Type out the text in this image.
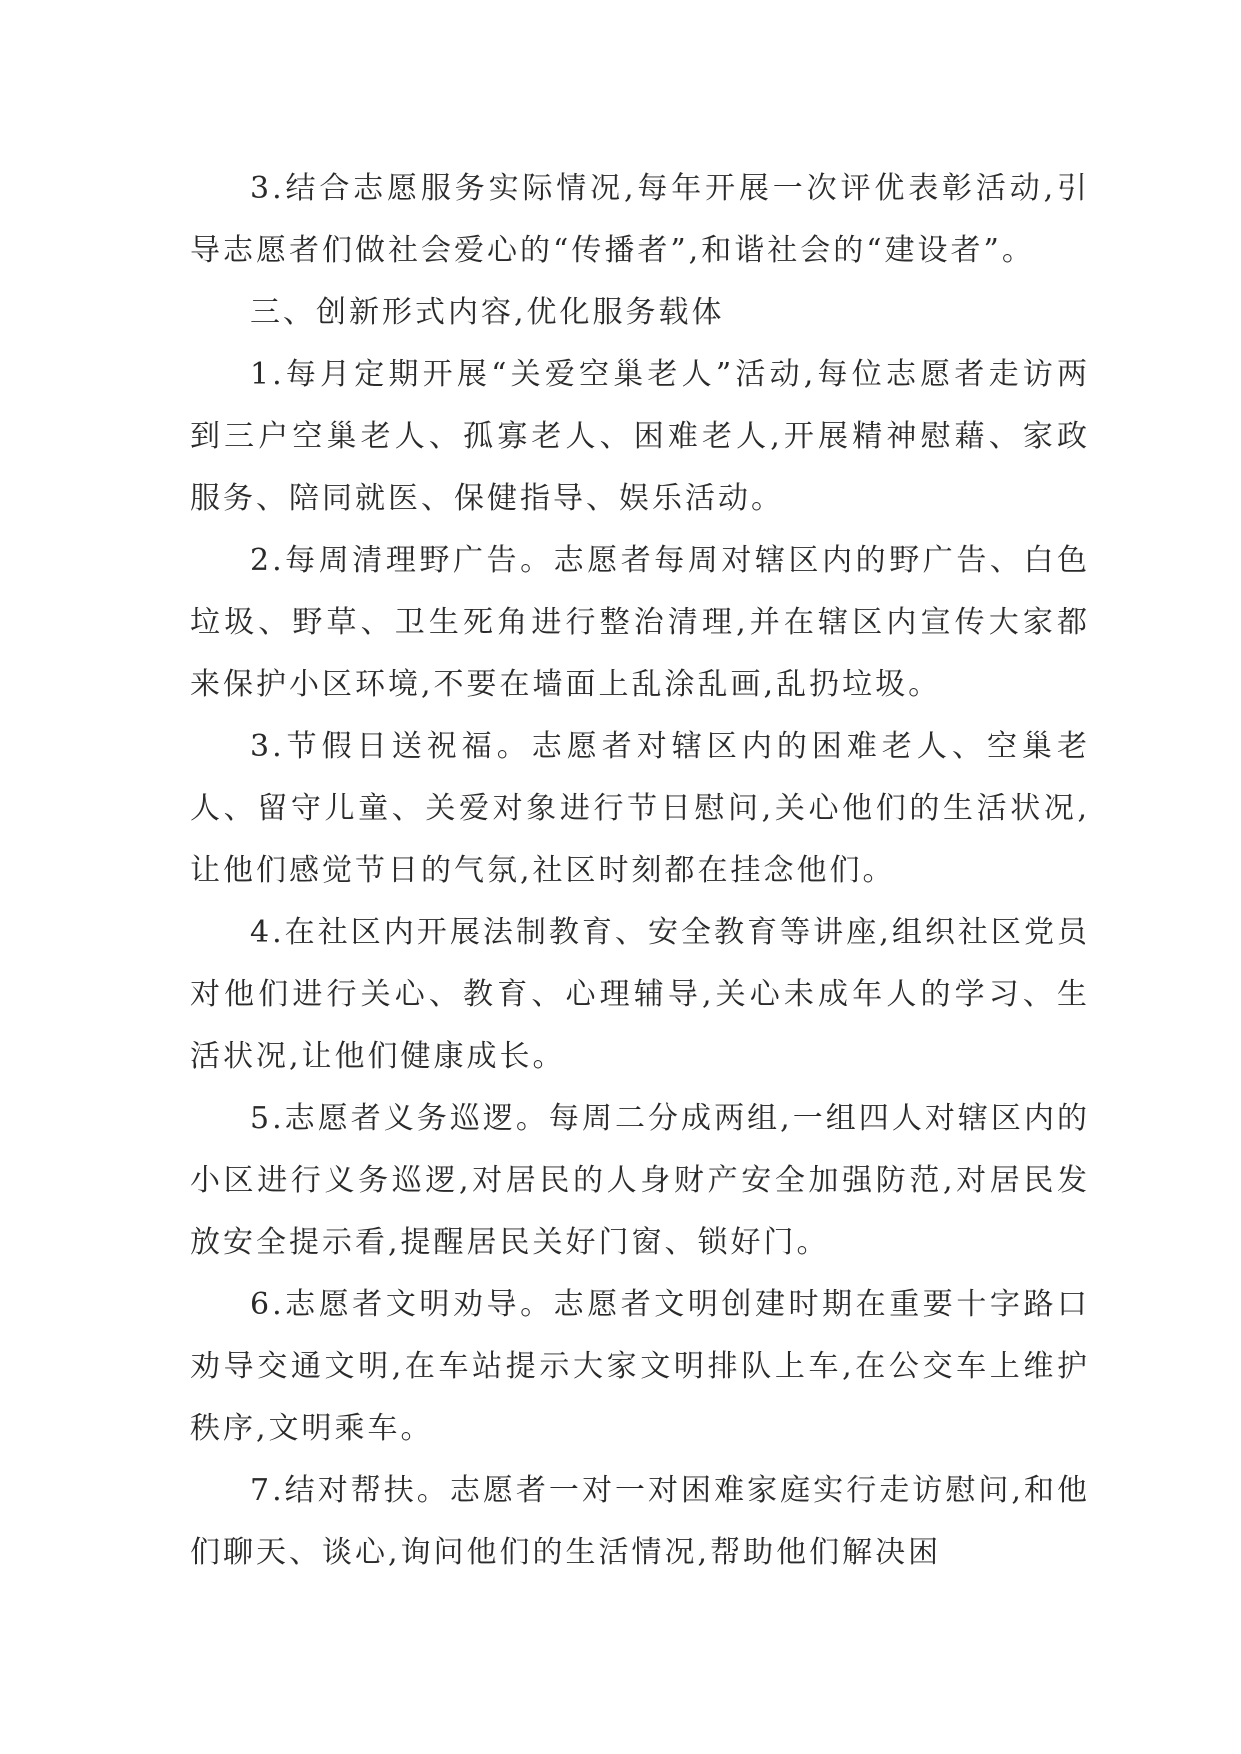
3.结合志愿服务实际情况,每年开展一次评优表彰活动,引导志愿者们做社会爱心的“传播者”,和谐社会的“建设者”。

三、创新形式内容,优化服务载体

1.每月定期开展“关爱空巢老人”活动,每位志愿者走访两到三户空巢老人、孤寡老人、困难老人,开展精神慰藉、家政服务、陪同就医、保健指导、娱乐活动。

2.每周清理野广告。志愿者每周对辖区内的野广告、白色垃圾、野草、卫生死角进行整治清理,并在辖区内宣传大家都来保护小区环境,不要在墙面上乱涂乱画,乱扔垃圾。

3.节假日送祝福。志愿者对辖区内的困难老人、空巢老人、留守儿童、关爱对象进行节日慰问,关心他们的生活状况,让他们感觉节日的气氛,社区时刻都在挂念他们。

4.在社区内开展法制教育、安全教育等讲座,组织社区党员对他们进行关心、教育、心理辅导,关心未成年人的学习、生活状况,让他们健康成长。

5.志愿者义务巡逻。每周二分成两组,一组四人对辖区内的小区进行义务巡逻,对居民的人身财产安全加强防范,对居民发放安全提示看,提醒居民关好门窗、锁好门。

6.志愿者文明劝导。志愿者文明创建时期在重要十字路口劝导交通文明,在车站提示大家文明排队上车,在公交车上维护秩序,文明乘车。

7.结对帮扶。志愿者一对一对困难家庭实行走访慰问,和他们聊天、谈心,询问他们的生活情况,帮助他们解决困
